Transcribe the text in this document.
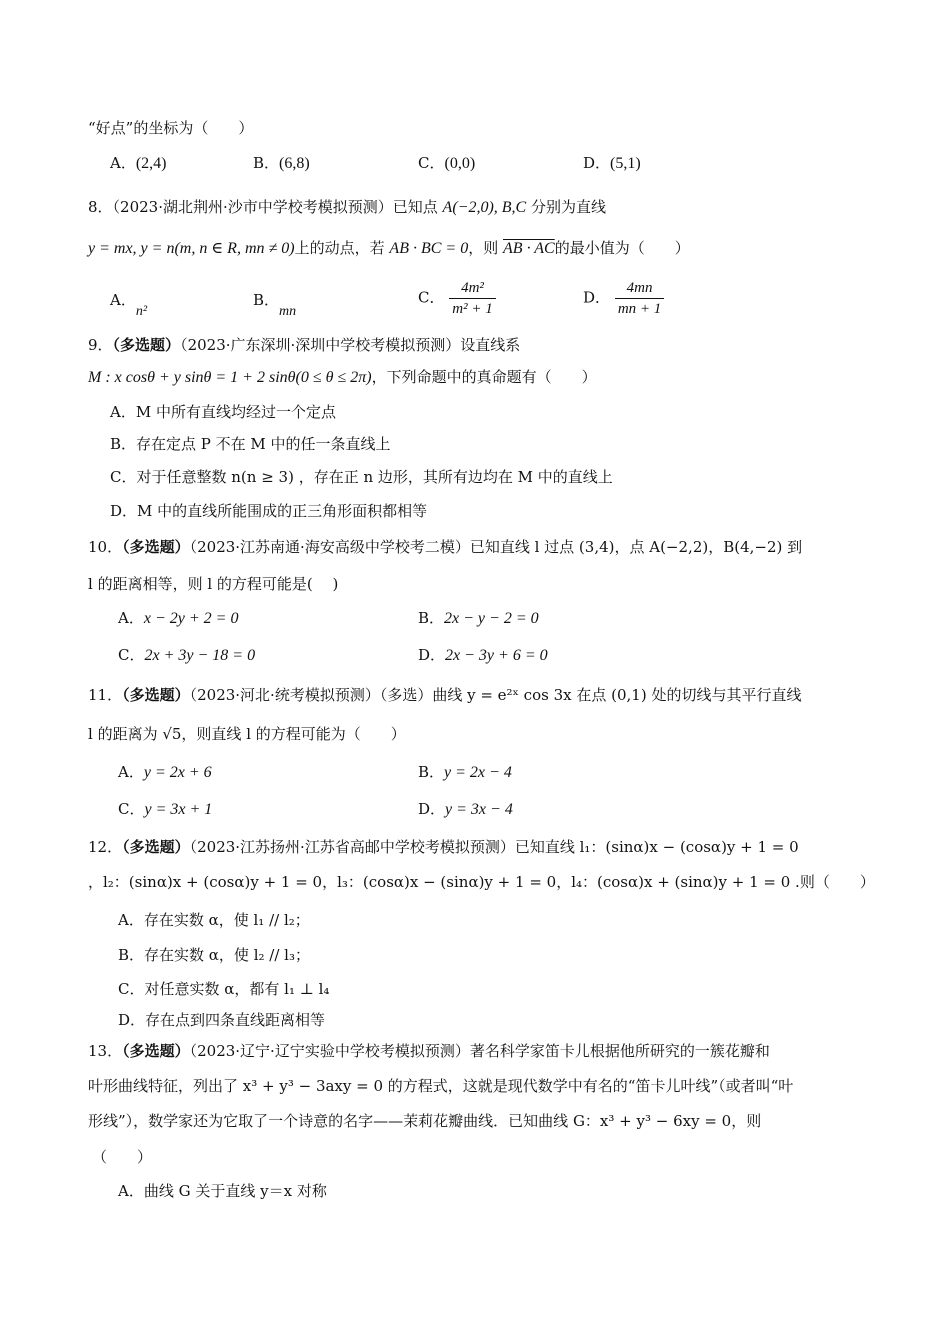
“好点”的坐标为（　　）
A．(2,4)	B．(6,8)	C．(0,0)	D．(5,1)
8．（2023·湖北荆州·沙市中学校考模拟预测）已知点 A(−2,0), B,C 分别为直线
y = mx, y = n(m, n ∈ R, mn ≠ 0)上的动点，若 AB · BC = 0，则 AB · AC的最小值为（　　）
A．n²
B．mn
C． $\frac{\text{4m²}}{\text{m² + 1}}$	D． $\frac{4mn}{mn + 1}$
9．（多选题）（2023·广东深圳·深圳中学校考模拟预测）设直线系
M : x cosθ + y sinθ = 1 + 2 sinθ(0 ≤ θ ≤ 2π)，下列命题中的真命题有（　　）
A．M 中所有直线均经过一个定点
B．存在定点 P 不在 M 中的任一条直线上
C．对于任意整数 n(n ≥ 3) ，存在正 n 边形，其所有边均在 M 中的直线上
D．M 中的直线所能围成的正三角形面积都相等
10．（多选题）（2023·江苏南通·海安高级中学校考二模）已知直线 l 过点 (3,4)，点 A(−2,2)，B(4,−2) 到
l 的距离相等，则 l 的方程可能是(　 )
A．x − 2y + 2 = 0	B．2x − y − 2 = 0
C．2x + 3y − 18 = 0	D．2x − 3y + 6 = 0
11．（多选题）（2023·河北·统考模拟预测）（多选）曲线 y = e²ˣ cos 3x 在点 (0,1) 处的切线与其平行直线
l 的距离为 √5，则直线 l 的方程可能为（　　）
A．y = 2x + 6	B．y = 2x − 4
C．y = 3x + 1	D．y = 3x − 4
12．（多选题）（2023·江苏扬州·江苏省高邮中学校考模拟预测）已知直线 l₁：(sinα)x − (cosα)y + 1 = 0
，l₂：(sinα)x + (cosα)y + 1 = 0，l₃：(cosα)x − (sinα)y + 1 = 0，l₄：(cosα)x + (sinα)y + 1 = 0 .则（　　）
A．存在实数 α，使 l₁ // l₂；
B．存在实数 α，使 l₂ // l₃；
C．对任意实数 α，都有 l₁ ⊥ l₄
D．存在点到四条直线距离相等
13．（多选题）（2023·辽宁·辽宁实验中学校考模拟预测）著名科学家笛卡儿根据他所研究的一簇花瓣和
叶形曲线特征，列出了 x³ + y³ − 3axy = 0 的方程式，这就是现代数学中有名的“笛卡儿叶线”（或者叫“叶
形线”），数学家还为它取了一个诗意的名字——茉莉花瓣曲线．已知曲线 G：x³ + y³ − 6xy = 0，则
（　　）
A．曲线 G 关于直线 y＝x 对称
